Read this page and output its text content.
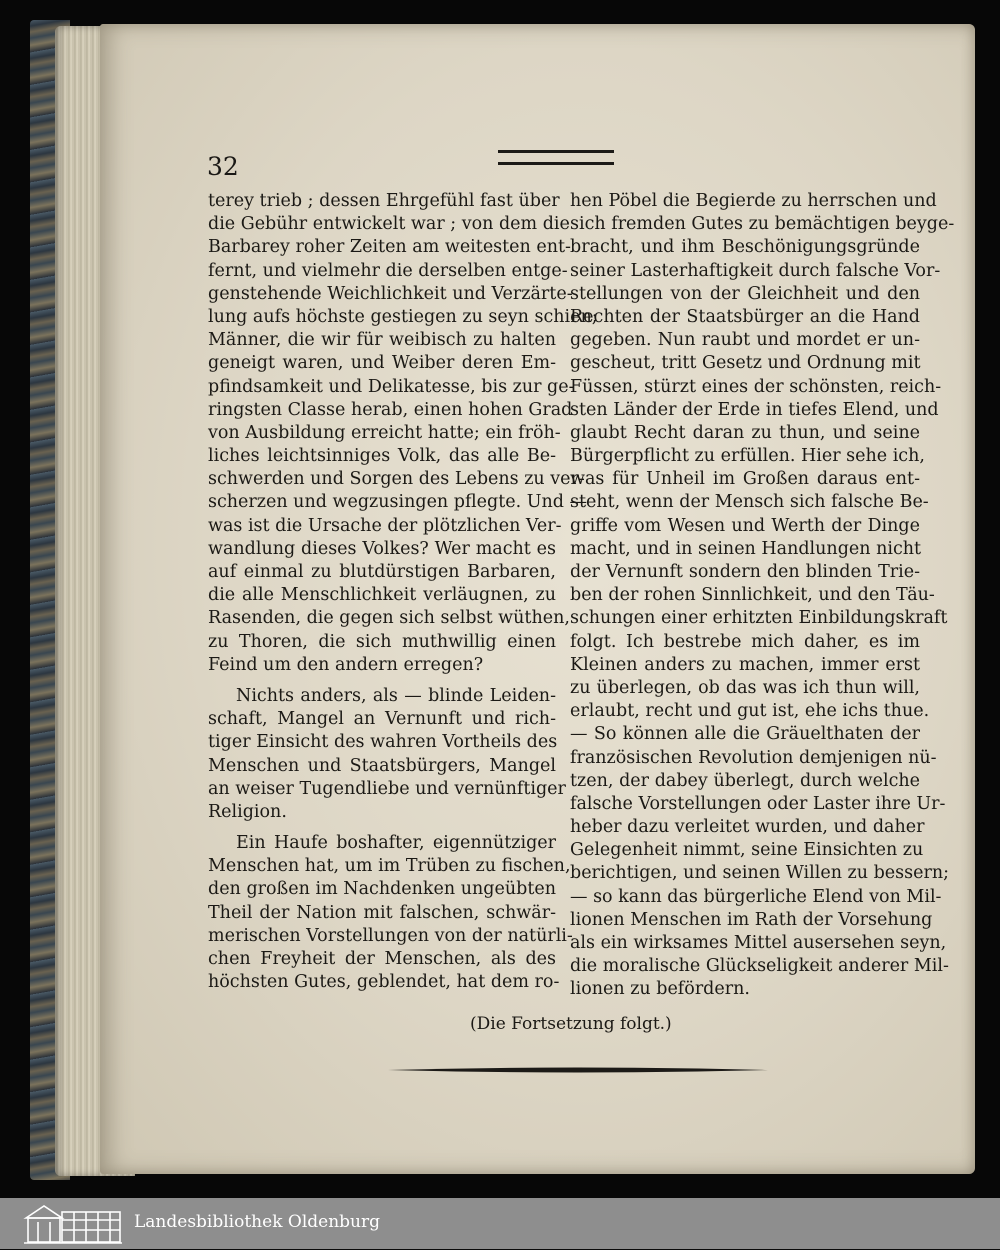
32
terey trieb ; dessen Ehrgefühl fast über
die Gebühr entwickelt war ; von dem die
Barbarey roher Zeiten am weitesten ent-
fernt, und vielmehr die derselben entge-
genstehende Weichlichkeit und Verzärte-
lung aufs höchste gestiegen zu seyn schien;
Männer, die wir für weibisch zu halten
geneigt waren, und Weiber deren Em-
pfindsamkeit und Delikatesse, bis zur ge-
ringsten Classe herab, einen hohen Grad
von Ausbildung erreicht hatte; ein fröh-
liches leichtsinniges Volk, das alle Be-
schwerden und Sorgen des Lebens zu ver-
scherzen und wegzusingen pflegte. Und —
was ist die Ursache der plötzlichen Ver-
wandlung dieses Volkes? Wer macht es
auf einmal zu blutdürstigen Barbaren,
die alle Menschlichkeit verläugnen, zu
Rasenden, die gegen sich selbst wüthen,
zu Thoren, die sich muthwillig einen
Feind um den andern erregen?
Nichts anders, als — blinde Leiden-
schaft, Mangel an Vernunft und rich-
tiger Einsicht des wahren Vortheils des
Menschen und Staatsbürgers, Mangel
an weiser Tugendliebe und vernünftiger
Religion.
Ein Haufe boshafter, eigennütziger
Menschen hat, um im Trüben zu fischen,
den großen im Nachdenken ungeübten
Theil der Nation mit falschen, schwär-
merischen Vorstellungen von der natürli-
chen Freyheit der Menschen, als des
höchsten Gutes, geblendet, hat dem ro-
hen Pöbel die Begierde zu herrschen und
sich fremden Gutes zu bemächtigen beyge-
bracht, und ihm Beschönigungsgründe
seiner Lasterhaftigkeit durch falsche Vor-
stellungen von der Gleichheit und den
Rechten der Staatsbürger an die Hand
gegeben. Nun raubt und mordet er un-
gescheut, tritt Gesetz und Ordnung mit
Füssen, stürzt eines der schönsten, reich-
sten Länder der Erde in tiefes Elend, und
glaubt Recht daran zu thun, und seine
Bürgerpflicht zu erfüllen. Hier sehe ich,
was für Unheil im Großen daraus ent-
steht, wenn der Mensch sich falsche Be-
griffe vom Wesen und Werth der Dinge
macht, und in seinen Handlungen nicht
der Vernunft sondern den blinden Trie-
ben der rohen Sinnlichkeit, und den Täu-
schungen einer erhitzten Einbildungskraft
folgt. Ich bestrebe mich daher, es im
Kleinen anders zu machen, immer erst
zu überlegen, ob das was ich thun will,
erlaubt, recht und gut ist, ehe ichs thue.
— So können alle die Gräuelthaten der
französischen Revolution demjenigen nü-
tzen, der dabey überlegt, durch welche
falsche Vorstellungen oder Laster ihre Ur-
heber dazu verleitet wurden, und daher
Gelegenheit nimmt, seine Einsichten zu
berichtigen, und seinen Willen zu bessern;
— so kann das bürgerliche Elend von Mil-
lionen Menschen im Rath der Vorsehung
als ein wirksames Mittel ausersehen seyn,
die moralische Glückseligkeit anderer Mil-
lionen zu befördern.
(Die Fortsetzung folgt.)
Landesbibliothek Oldenburg
